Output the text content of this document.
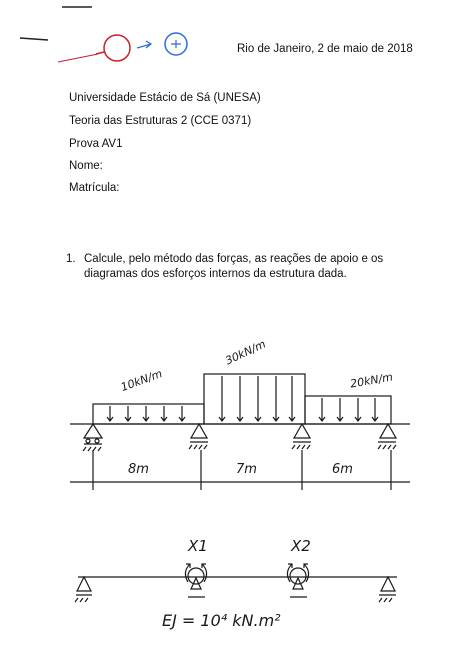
Rio de Janeiro, 2 de maio de 2018
Universidade Estácio de Sá (UNESA)
Teoria das Estruturas 2 (CCE 0371)
Prova AV1
Nome:
Matrícula:
1. Calcule, pelo método das forças, as reações de apoio e os
diagramas dos esforços internos da estrutura dada.
10kN/m
30kN/m
20kN/m
8m	7m	6m
X1	X2
EJ = 10⁴ kN.m²
